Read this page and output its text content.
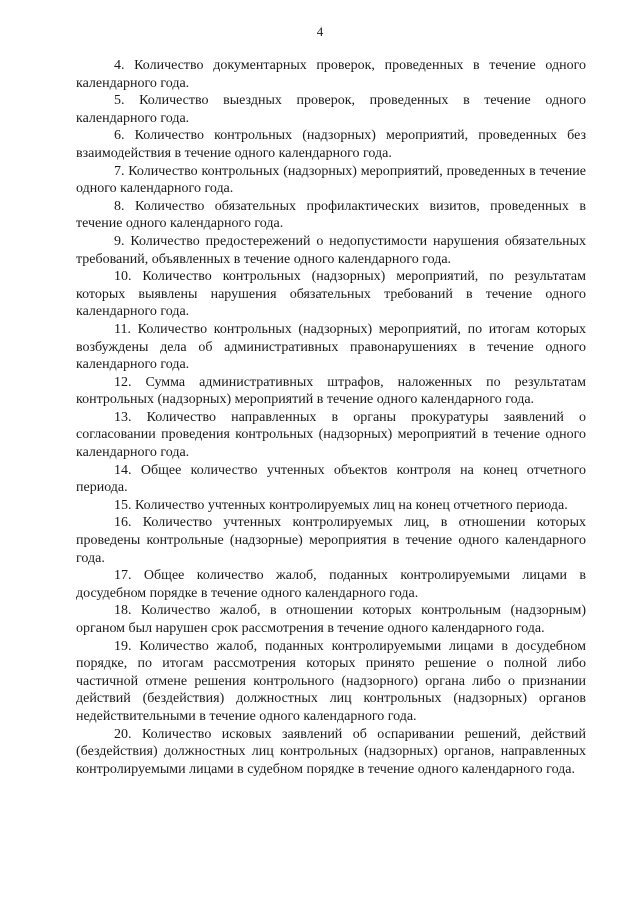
4

4. Количество документарных проверок, проведенных в течение одного календарного года.

5. Количество выездных проверок, проведенных в течение одного календарного года.

6. Количество контрольных (надзорных) мероприятий, проведенных без взаимодействия в течение одного календарного года.

7. Количество контрольных (надзорных) мероприятий, проведенных в течение одного календарного года.

8. Количество обязательных профилактических визитов, проведенных в течение одного календарного года.

9. Количество предостережений о недопустимости нарушения обязательных требований, объявленных в течение одного календарного года.

10. Количество контрольных (надзорных) мероприятий, по результатам которых выявлены нарушения обязательных требований в течение одного календарного года.

11. Количество контрольных (надзорных) мероприятий, по итогам которых возбуждены дела об административных правонарушениях в течение одного календарного года.

12. Сумма административных штрафов, наложенных по результатам контрольных (надзорных) мероприятий в течение одного календарного года.

13. Количество направленных в органы прокуратуры заявлений о согласовании проведения контрольных (надзорных) мероприятий в течение одного календарного года.

14. Общее количество учтенных объектов контроля на конец отчетного периода.

15. Количество учтенных контролируемых лиц на конец отчетного периода.

16. Количество учтенных контролируемых лиц, в отношении которых проведены контрольные (надзорные) мероприятия в течение одного календарного года.

17. Общее количество жалоб, поданных контролируемыми лицами в досудебном порядке в течение одного календарного года.

18. Количество жалоб, в отношении которых контрольным (надзорным) органом был нарушен срок рассмотрения в течение одного календарного года.

19. Количество жалоб, поданных контролируемыми лицами в досудебном порядке, по итогам рассмотрения которых принято решение о полной либо частичной отмене решения контрольного (надзорного) органа либо о признании действий (бездействия) должностных лиц контрольных (надзорных) органов недействительными в течение одного календарного года.

20. Количество исковых заявлений об оспаривании решений, действий (бездействия) должностных лиц контрольных (надзорных) органов, направленных контролируемыми лицами в судебном порядке в течение одного календарного года.
